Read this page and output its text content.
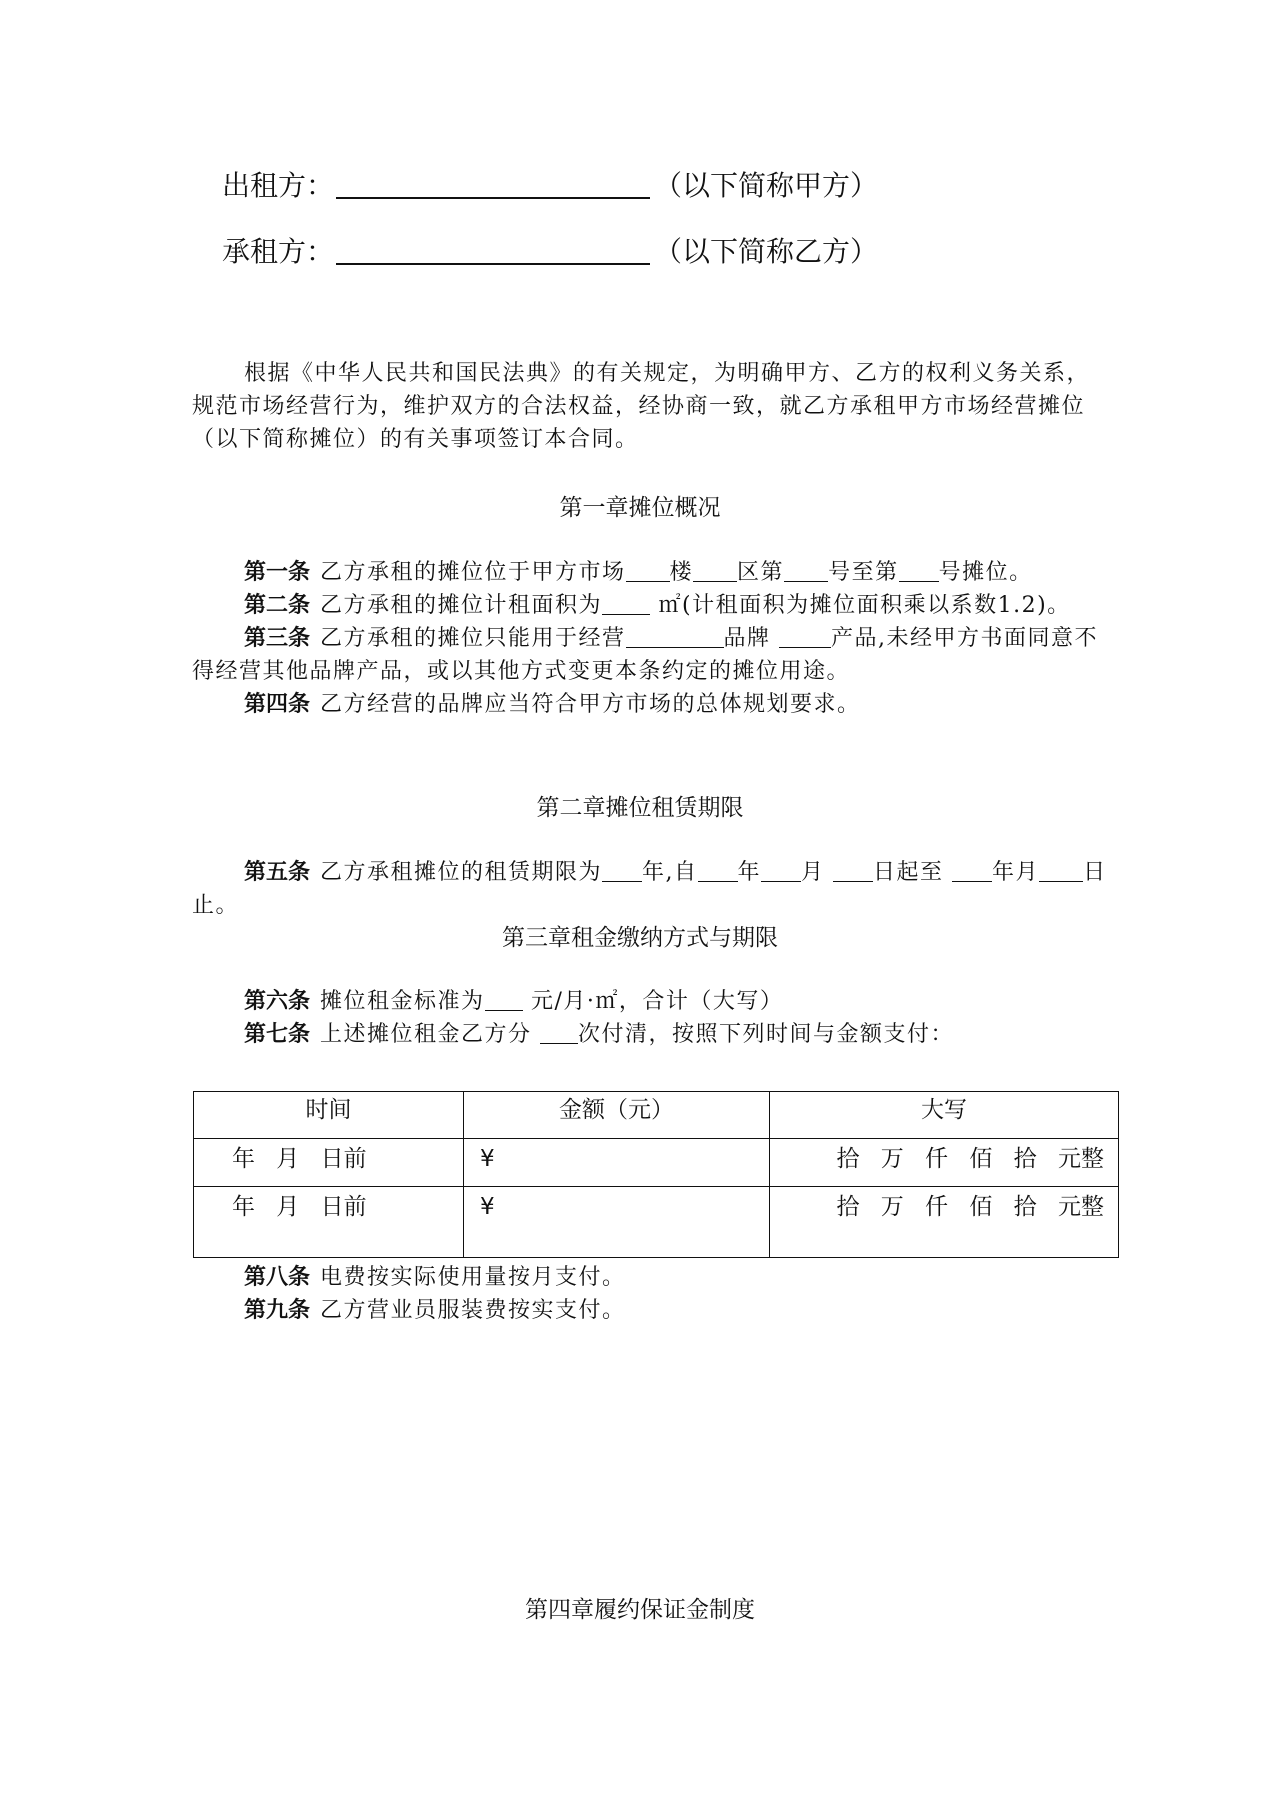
出租方：	（以下简称甲方）
承租方：	（以下简称乙方）

根据《中华人民共和国民法典》的有关规定，为明确甲方、乙方的权利义务关系，规范市场经营行为，维护双方的合法权益，经协商一致，就乙方承租甲方市场经营摊位（以下简称摊位）的有关事项签订本合同。

第一章摊位概况

第一条 乙方承租的摊位位于甲方市场 楼 区第 号至第 号摊位。

第二条 乙方承租的摊位计租面积为 ㎡(计租面积为摊位面积乘以系数1.2)。

第三条 乙方承租的摊位只能用于经营	品牌 产品,未经甲方书面同意不得经营其他品牌产品，或以其他方式变更本条约定的摊位用途。

第四条 乙方经营的品牌应当符合甲方市场的总体规划要求。

第二章摊位租赁期限

第五条 乙方承租摊位的租赁期限为 年,自 年 月 日起至 年月 日止。

第三章租金缴纳方式与期限

第六条 摊位租金标准为 元/月·㎡，合计（大写）

第七条 上述摊位租金乙方分 次付清，按照下列时间与金额支付：

时间	金额（元）	大写
年 月 日前	¥	拾 万 仟 佰 拾 元整
年 月 日前	¥	拾 万 仟 佰 拾 元整

第八条 电费按实际使用量按月支付。

第九条 乙方营业员服装费按实支付。

第四章履约保证金制度
